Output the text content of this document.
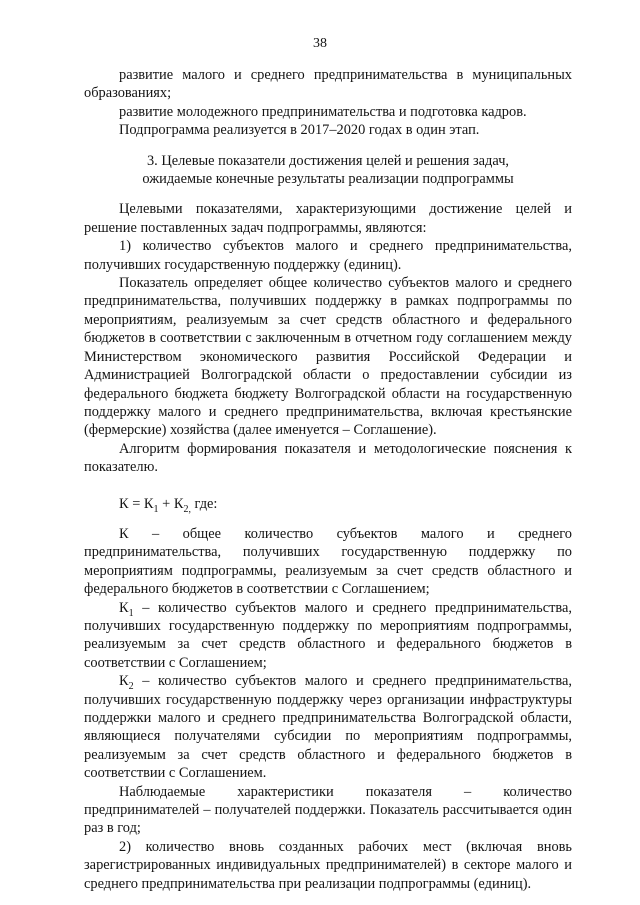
38

развитие малого и среднего предпринимательства в муниципальных образованиях;

развитие молодежного предпринимательства и подготовка кадров.

Подпрограмма реализуется в 2017–2020 годах в один этап.

3. Целевые показатели достижения целей и решения задач,
ожидаемые конечные результаты реализации подпрограммы

Целевыми показателями, характеризующими достижение целей и решение поставленных задач подпрограммы, являются:

1) количество субъектов малого и среднего предпринимательства, получивших государственную поддержку (единиц).

Показатель определяет общее количество субъектов малого и среднего предпринимательства, получивших поддержку в рамках подпрограммы по мероприятиям, реализуемым за счет средств областного и федерального бюджетов в соответствии с заключенным в отчетном году соглашением между Министерством экономического развития Российской Федерации и Администрацией Волгоградской области о предоставлении субсидии из федерального бюджета бюджету Волгоградской области на государственную поддержку малого и среднего предпринимательства, включая крестьянские (фермерские) хозяйства (далее именуется – Соглашение).

Алгоритм формирования показателя и методологические пояснения к показателю.

$К = К_1 + К_{2,}$ где:

К – общее количество субъектов малого и среднего предпринимательства, получивших государственную поддержку по мероприятиям подпрограммы, реализуемым за счет средств областного и федерального бюджетов в соответствии с Соглашением;

$К_1$ – количество субъектов малого и среднего предпринимательства, получивших государственную поддержку по мероприятиям подпрограммы, реализуемым за счет средств областного и федерального бюджетов в соответствии с Соглашением;

$К_2$ – количество субъектов малого и среднего предпринимательства, получивших государственную поддержку через организации инфраструктуры поддержки малого и среднего предпринимательства Волгоградской области, являющиеся получателями субсидии по мероприятиям подпрограммы, реализуемым за счет средств областного и федерального бюджетов в соответствии с Соглашением.

Наблюдаемые характеристики показателя – количество предпринимателей – получателей поддержки. Показатель рассчитывается один раз в год;

2) количество вновь созданных рабочих мест (включая вновь зарегистрированных индивидуальных предпринимателей) в секторе малого и среднего предпринимательства при реализации подпрограммы (единиц).
